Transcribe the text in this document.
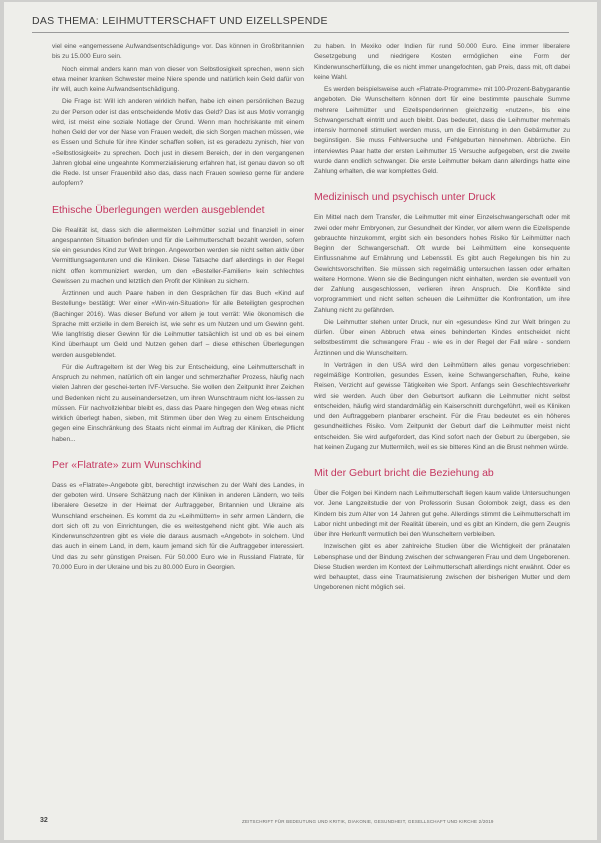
DAS THEMA: LEIHMUTTERSCHAFT UND EIZELLSPENDE

viel eine «angemessene Aufwandsentschädigung» vor. Das können in Großbritannien bis zu 15.000 Euro sein.

Noch einmal anders kann man von dieser von Selbstlosigkeit sprechen, wenn sich etwa meiner kranken Schwester meine Niere spende und natürlich kein Geld dafür von ihr will, auch keine Aufwandsentschädigung.

Die Frage ist: Will ich anderen wirklich helfen, habe ich einen persönlichen Bezug zu der Person oder ist das entscheidende Motiv das Geld? Das ist aus Motiv vorrangig wird, ist meist eine soziale Notlage der Grund. Wenn man hochriskante mit einem hohen Geld der vor der Nase von Frauen wedelt, die sich Sorgen machen müssen, wie es Essen und Schule für ihre Kinder schaffen sollen, ist es geradezu zynisch, hier von «Selbstlosigkeit» zu sprechen. Doch just in diesem Bereich, der in den vergangenen Jahren global eine ungeahnte Kommerzialisierung erfahren hat, ist genau davon so oft die Rede. Ist unser Frauenbild also das, dass nach Frauen sowieso gerne für andere aufopfern?

Ethische Überlegungen werden ausgeblendet

Die Realität ist, dass sich die allermeisten Leihmütter sozial und finanziell in einer angespannten Situation befinden und für die Leihmutterschaft bezahlt werden, sofern sie ein gesundes Kind zur Welt bringen. Angeworben werden sie nicht selten aktiv über Vermittlungsagenturen und die Kliniken. Diese Tatsache darf allerdings in der Regel nicht offen kommuniziert werden, um den «Besteller-Familien» kein schlechtes Gewissen zu machen und letztlich den Profit der Kliniken zu sichern.

Ärztinnen und auch Paare haben in den Gesprächen für das Buch «Kind auf Bestellung» bestätigt: Wer einer «Win-win-Situation» für alle Beteiligten gesprochen (Bachinger 2016). Was dieser Befund vor allem je tout verrät: Wie ökonomisch die Sprache mitt erzielle in dem Bereich ist, wie sehr es um Nutzen und um Gewinn geht. Wie langfristig dieser Gewinn für die Leihmutter tatsächlich ist und ob es bei einem Kind überhaupt um Geld und Nutzen gehen darf – diese ethischen Überlegungen werden ausgeblendet.

Für die Auftrageltern ist der Weg bis zur Entscheidung, eine Leihmutterschaft in Anspruch zu nehmen, natürlich oft ein langer und schmerzhafter Prozess, häufig nach vielen Jahren der geschei-terten IVF-Versuche. Sie wollen den Zeitpunkt ihrer Zeichen und Bedenken nicht zu auseinandersetzen, um ihren Wunschtraum nicht los-lassen zu müssen. Für nachvollziehbar bleibt es, dass das Paare hingegen den Weg etwas nicht wirklich überlegt haben, sieben, mit Stimmen über den Weg zu einem Entscheidung gegen eine Einschränkung des Staats nicht einmal im Auftrag der Kliniken, die Pflicht haben...

Per «Flatrate» zum Wunschkind

Dass es «Flatrate»-Angebote gibt, berechtigt inzwischen zu der Wahl des Landes, in der geboten wird. Unsere Schätzung nach der Kliniken in anderen Ländern, wo teils liberalere Gesetze in der Heimat der Auftraggeber, Britannien und Ukraine als Wunschland erscheinen. Es kommt da zu «Leihmüttern» in sehr armen Ländern, die dort sich oft zu von Einrichtungen, die es weitestgehend nicht gibt. Wie auch als Kinderwunschzentren gibt es viele die daraus ausmach «Angebot» in solchem. Und das auch in einem Land, in dem, kaum jemand sich für die Auftraggeber interessiert. Und das zu sehr günstigen Preisen. Für 50.000 Euro wie in Russland Flatrate, für 70.000 Euro in der Ukraine und bis zu 80.000 Euro in Georgien.

zu haben. In Mexiko oder Indien für rund 50.000 Euro. Eine immer liberalere Gesetzgebung und niedrigere Kosten ermöglichen eine Form der Kinderwunscherfüllung, die es nicht immer unangefochten, gab Preis, dass mit, oft dabei keine Wahl.

Es werden beispielsweise auch «Flatrate-Programme» mit 100-Prozent-Babygarantie angeboten. Die Wunscheltern können dort für eine bestimmte pauschale Summe mehrere Leihmütter und Eizellspenderinnen gleichzeitig «nutzen», bis eine Schwangerschaft eintritt und auch bleibt. Das bedeutet, dass die Leihmutter mehrmals intensiv hormonell stimuliert werden muss, um die Einnistung in den Gebärmutter zu begünstigen. Sie muss Fehlversuche und Fehlgeburten hinnehmen. Abbrüche. Ein interviewtes Paar hatte der ersten Leihmutter 15 Versuche aufgegeben, erst die zweite wurde dann endlich schwanger. Die erste Leihmutter bekam dann allerdings hatte eine Zahlung erhalten, die war komplettes Geld.

Medizinisch und psychisch unter Druck

Ein Mittel nach dem Transfer, die Leihmutter mit einer Einzelschwangerschaft oder mit zwei oder mehr Embryonen, zur Gesundheit der Kinder, vor allem wenn die Eizellspende gebrauchte hinzukommt, ergibt sich ein besonders hohes Risiko für Leihmütter nach Beginn der Schwangerschaft. Oft wurde bei Leihmüttern eine konsequente Einflussnahme auf Ernährung und Lebensstil. Es gibt auch Regelungen bis hin zu Gewichtsvorschriften. Sie müssen sich regelmäßig untersuchen lassen oder erhalten weitere Hormone. Wenn sie die Bedingungen nicht einhalten, werden sie eventuell von der Zahlung ausgeschlossen, verlieren ihren Anspruch. Die Konflikte sind vorprogrammiert und nicht selten scheuen die Leihmütter die Konfrontation, um ihre Zahlung nicht zu gefährden.

Die Leihmutter stehen unter Druck, nur ein «gesundes» Kind zur Welt bringen zu dürfen. Über einen Abbruch etwa eines behinderten Kindes entscheidet nicht selbstbestimmt die schwangere Frau - wie es in der Regel der Fall wäre - sondern Ärztinnen und die Wunscheltern.

In Verträgen in den USA wird den Leihmüttern alles genau vorgeschrieben: regelmäßige Kontrollen, gesundes Essen, keine Schwangerschaften, Ruhe, keine Reisen, Verzicht auf gewisse Tätigkeiten wie Sport. Anfangs sein Geschlechtsverkehr wird sie werden. Auch über den Geburtsort aufkann die Leihmutter nicht selbst entscheiden, häufig wird standardmäßig ein Kaiserschnitt durchgeführt, weil es Kliniken und den Auftraggebern planbarer erscheint. Für die Frau bedeutet es ein höheres gesundheitliches Risiko. Vom Zeitpunkt der Geburt darf die Leihmutter meist nicht entscheiden. Sie wird aufgefordert, das Kind sofort nach der Geburt zu übergeben, sie hat keinen Zugang zur Muttermilch, weil es sie bitteres Kind an die Brust nehmen würde.

Mit der Geburt bricht die Beziehung ab

Über die Folgen bei Kindern nach Leihmutterschaft liegen kaum valide Untersuchungen vor. Jene Langzeitstudie der von Professorin Susan Golombok zeigt, dass es den Kindern bis zum Alter von 14 Jahren gut gehe. Allerdings stimmt die Leihmutterschaft im Labor nicht unbedingt mit der Realität überein, und es gibt an Kindern, die gern Zeugnis über ihre Herkunft vermutlich bei den Wunscheltern verbleiben.

Inzwischen gibt es aber zahlreiche Studien über die Wichtigkeit der pränatalen Lebensphase und der Bindung zwischen der schwangeren Frau und dem Ungeborenen. Diese Studien werden im Kontext der Leihmutterschaft allerdings nicht erwähnt. Oder es wird behauptet, dass eine Traumatisierung zwischen der bisherigen Mutter und dem Ungeborenen nicht möglich sei.

32	ZEITSCHRIFT FÜR BEDEUTUNG UND KRITIK, DIAKONIE, GESUNDHEIT, GESELLSCHAFT UND KIRCHE 2/2019
